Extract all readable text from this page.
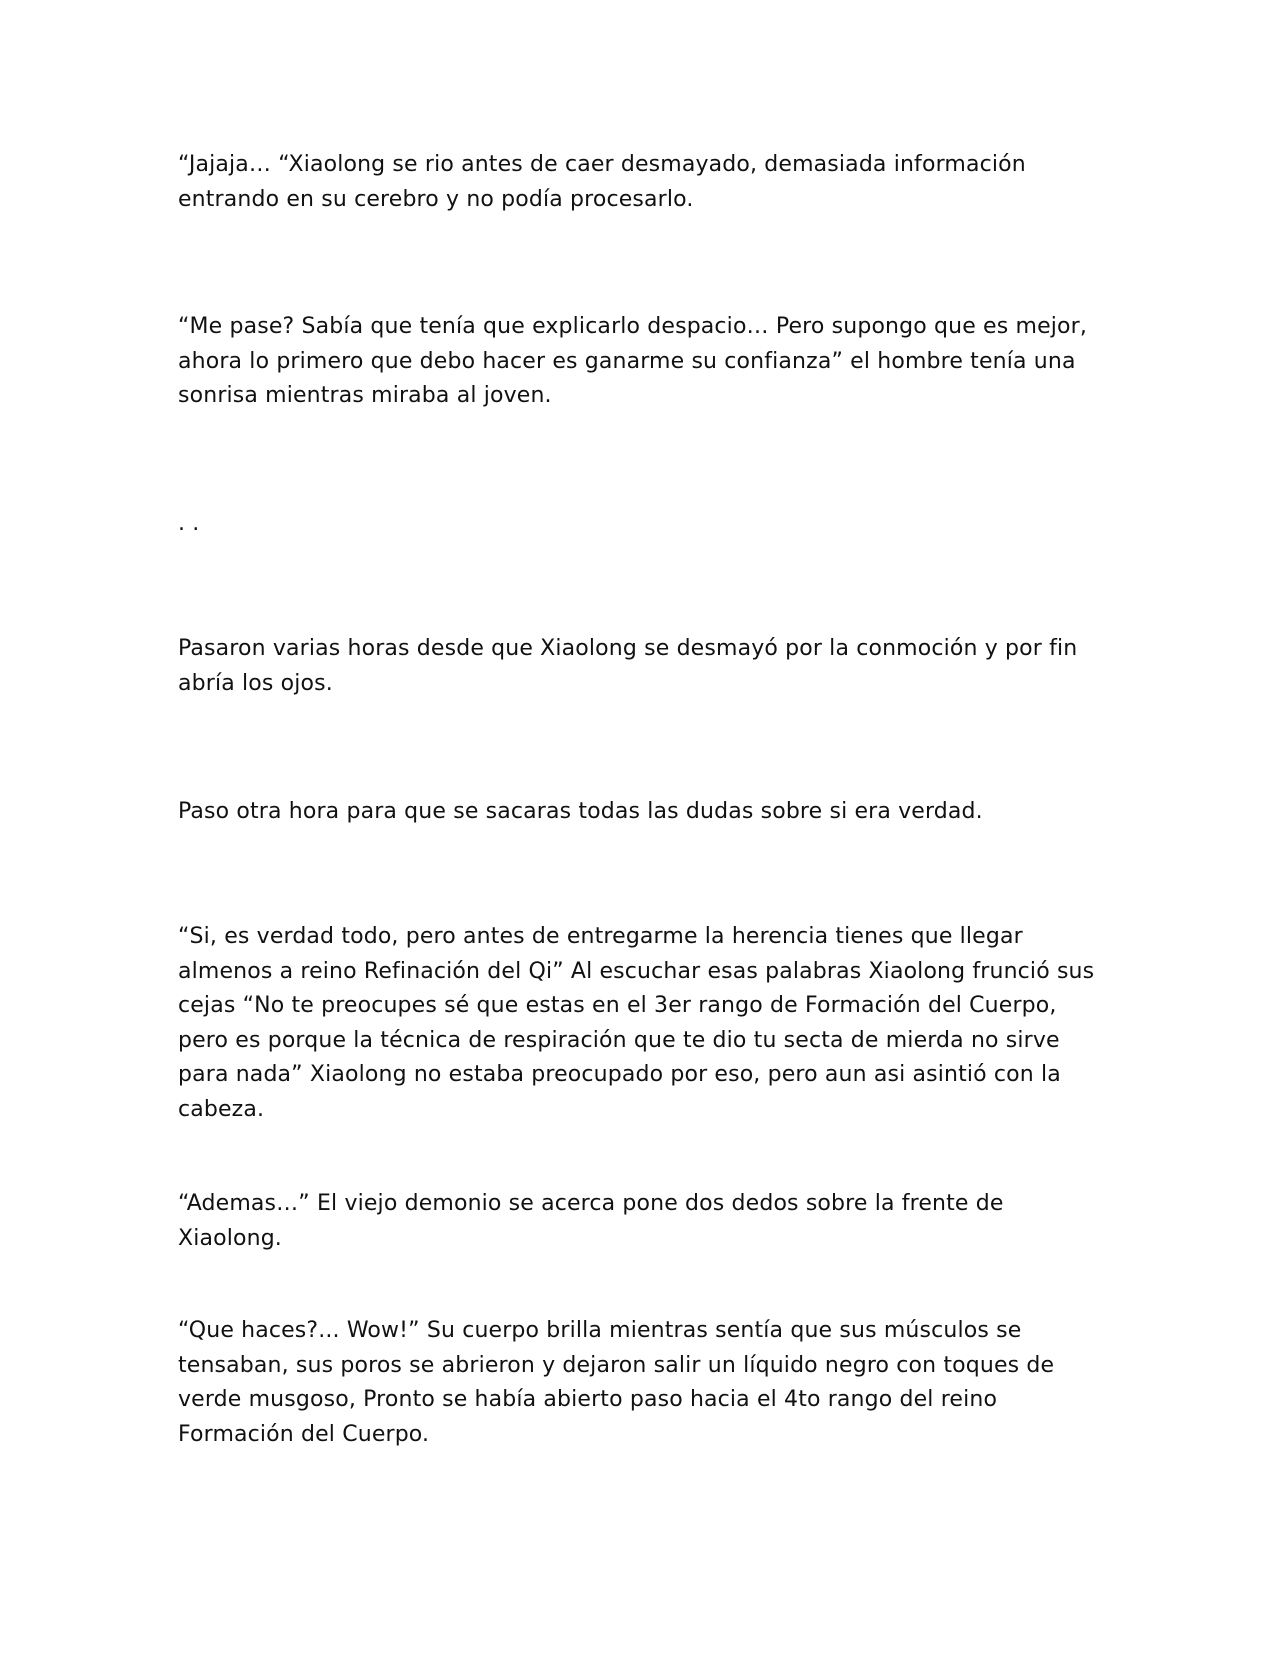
“Jajaja… “Xiaolong se rio antes de caer desmayado, demasiada información entrando en su cerebro y no podía procesarlo.

“Me pase? Sabía que tenía que explicarlo despacio… Pero supongo que es mejor, ahora lo primero que debo hacer es ganarme su confianza” el hombre tenía una sonrisa mientras miraba al joven.

. .

Pasaron varias horas desde que Xiaolong se desmayó por la conmoción y por fin abría los ojos.

Paso otra hora para que se sacaras todas las dudas sobre si era verdad.

“Si, es verdad todo, pero antes de entregarme la herencia tienes que llegar almenos a reino Refinación del Qi” Al escuchar esas palabras Xiaolong frunció sus cejas “No te preocupes sé que estas en el 3er rango de Formación del Cuerpo, pero es porque la técnica de respiración que te dio tu secta de mierda no sirve para nada” Xiaolong no estaba preocupado por eso, pero aun asi asintió con la cabeza.

“Ademas…” El viejo demonio se acerca pone dos dedos sobre la frente de Xiaolong.

“Que haces?... Wow!” Su cuerpo brilla mientras sentía que sus músculos se tensaban, sus poros se abrieron y dejaron salir un líquido negro con toques de verde musgoso, Pronto se había abierto paso hacia el 4to rango del reino Formación del Cuerpo.
